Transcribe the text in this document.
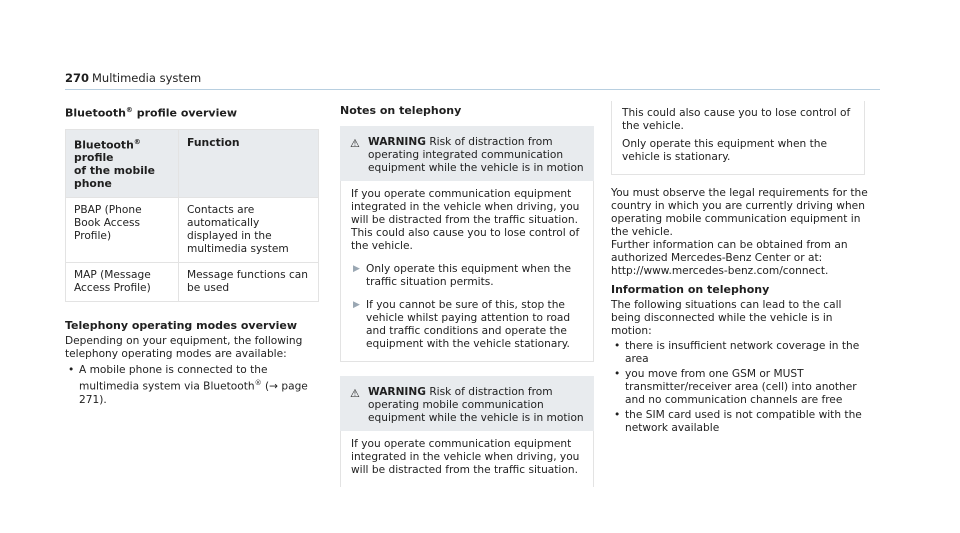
270 Multimedia system
Bluetooth® profile overview
Bluetooth® profile
of the mobile phone	Function
PBAP (Phone Book Access Profile)	Contacts are automatically displayed in the multimedia system
MAP (Message Access Profile)	Message functions can be used
Telephony operating modes overview

Depending on your equipment, the following telephony operating modes are available:

• A mobile phone is connected to the multimedia system via Bluetooth® (→ page 271).
Notes on telephony
⚠ WARNING Risk of distraction from operating integrated communication equipment while the vehicle is in motion

If you operate communication equipment integrated in the vehicle when driving, you will be distracted from the traffic situation. This could also cause you to lose control of the vehicle.

▶ Only operate this equipment when the traffic situation permits.
▶ If you cannot be sure of this, stop the vehicle whilst paying attention to road and traffic conditions and operate the equipment with the vehicle stationary.
⚠ WARNING Risk of distraction from operating mobile communication equipment while the vehicle is in motion

If you operate communication equipment integrated in the vehicle when driving, you will be distracted from the traffic situation.

This could also cause you to lose control of the vehicle.

Only operate this equipment when the vehicle is stationary.

You must observe the legal requirements for the country in which you are currently driving when operating mobile communication equipment in the vehicle.

Further information can be obtained from an authorized Mercedes-Benz Center or at: http://www.mercedes-benz.com/connect.

Information on telephony

The following situations can lead to the call being disconnected while the vehicle is in motion:

• there is insufficient network coverage in the area
• you move from one GSM or MUST transmitter/receiver area (cell) into another and no communication channels are free
• the SIM card used is not compatible with the network available
